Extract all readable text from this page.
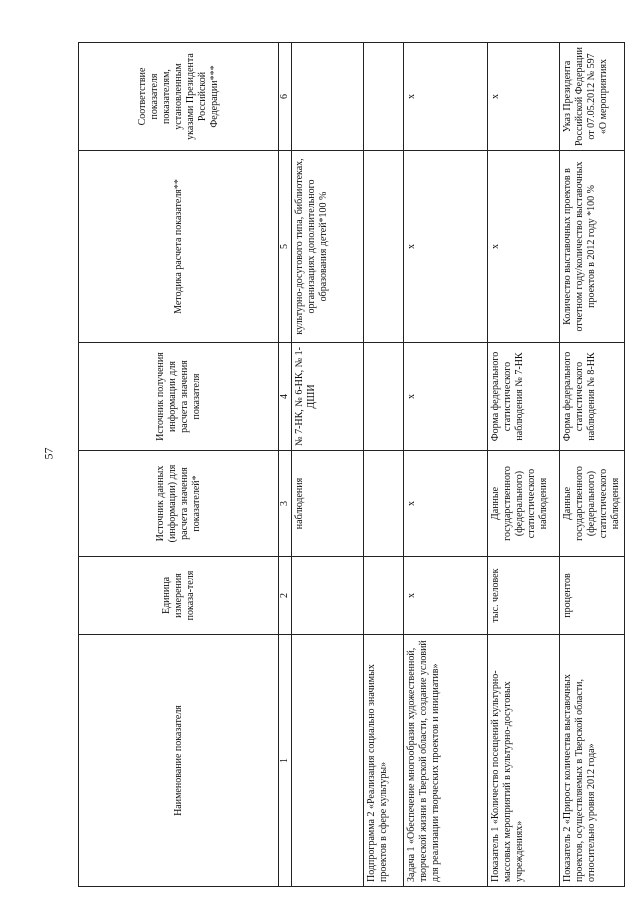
57
Наименование показателя	Единица измерения показа-теля	Источник данных (информации) для расчета значения показателей*	Источник получения информации для расчета значения показателя	Методика расчета показателя**	Соответствие показателя показателям, установленным указами Президента Российской Федерации***
1	2	3	4	5	6
		наблюдения	№ 7-НК, № 6-НК, № 1-ДШИ	культурно-досугового типа, библиотеках, организациях дополнительного образования детей*100 %	
Подпрограмма 2 «Реализация социально значимых проектов в сфере культуры»					
Задача 1 «Обеспечение многообразия художественной, творческой жизни в Тверской области, создание условий для реализации творческих проектов и инициатив»	х	х	х	х	х
Показатель 1 «Количество посещений культурно-массовых мероприятий в культурно-досуговых учреждениях»	тыс. человек	Данные государственного (федерального) статистического наблюдения	Форма федерального статистического наблюдения № 7-НК	х	х
Показатель 2 «Прирост количества выставочных проектов, осуществляемых в Тверской области, относительно уровня 2012 года»	процентов	Данные государственного (федерального) статистического наблюдения	Форма федерального статистического наблюдения № 8-НК	Количество выставочных проектов в отчетном году/количество выставочных проектов в 2012 году *100 %	Указ Президента Российской Федерации от 07.05.2012 № 597 «О мероприятиях
